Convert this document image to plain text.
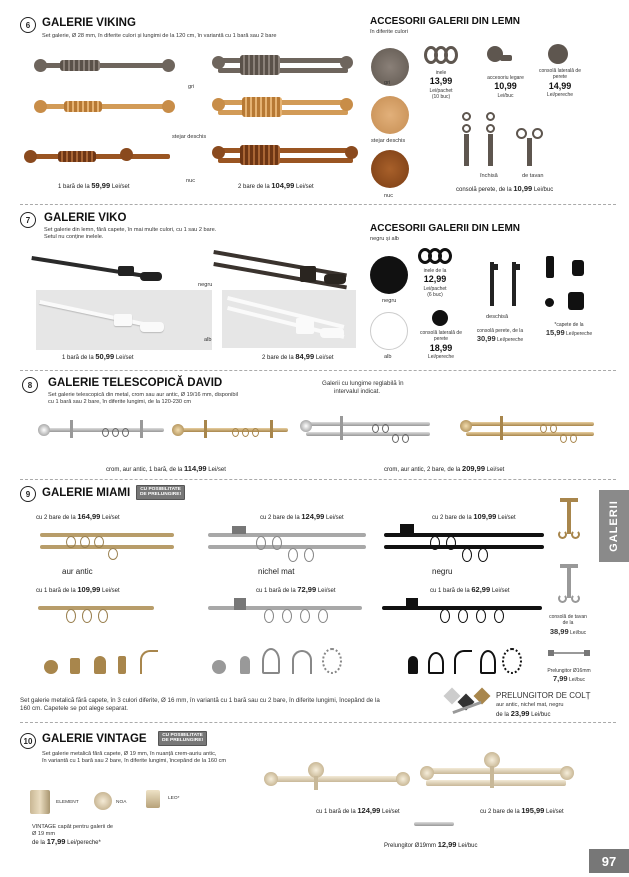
6	GALERIE VIKING
Set galerie, Ø 28 mm, în diferite culori și lungimi de la 120 cm, în variantă cu 1 bară sau 2 bare
gri
stejar deschis
nuc
1 bară de la 59,99 Lei/set	2 bare de la 104,99 Lei/set
ACCESORII GALERII DIN LEMN
în diferite culori
gri
stejar deschis
nuc
inele
13,99
Lei/pachet
(10 buc)
accesoriu legare
10,99
Lei/buc
consolă laterală de perete
14,99
Lei/pereche
închisă	de tavan
consolă perete, de la 10,99 Lei/buc
7	GALERIE VIKO
Set galerie din lemn, fără capete, în mai multe culori, cu 1 sau 2 bare.
Setul nu conține inelele.
negru
alb
1 bară de la 50,99 Lei/set	2 bare de la 84,99 Lei/set
ACCESORII GALERII DIN LEMN
negru și alb
negru
alb
inele de la
12,99
Lei/pachet
(6 buc)
deschisă
consolă laterală de perete
18,99
Lei/pereche
consolă perete, de la
30,99 Lei/pereche
*capete de la
15,99 Lei/pereche
8	GALERIE TELESCOPICĂ DAVID
Set galerie telescopică din metal, crom sau aur antic, Ø 19/16 mm, disponibil
cu 1 bară sau 2 bare, în diferite lungimi, de la 120-230 cm
Galerii cu lungime reglabilă în
intervalul indicat.
crom, aur antic, 1 bară, de la 114,99 Lei/set	crom, aur antic, 2 bare, de la 209,99 Lei/set
9	GALERIE MIAMI CU POSIBILITATE
DE PRELUNGIRE!
cu 2 bare de la 164,99 Lei/set	cu 2 bare de la 124,99 Lei/set	cu 2 bare de la 109,99 Lei/set
aur antic	nichel mat	negru
cu 1 bară de la 109,99 Lei/set	cu 1 bară de la 72,99 Lei/set	cu 1 bară de la 62,99 Lei/set
consolă de tavan
de la
38,99 Lei/buc
Prelungitor Ø16mm
7,99 Lei/buc
Set galerie metalică fără capete, în 3 culori diferite, Ø 16 mm, în variantă cu 1 bară sau cu 2 bare, în diferite lungimi, începând de la
160 cm. Capetele se pot alege separat.
PRELUNGITOR DE COLȚ
aur antic, nichel mat, negru
de la 23,99 Lei/buc
10 GALERIE VINTAGE	CU POSIBILITATE
DE PRELUNGIRE!
Set galerie metalică fără capete, Ø 19 mm, în nuanță crem-auriu antic,
în variantă cu 1 bară sau 2 bare, în diferite lungimi, începând de la 160 cm
ELEMENT	NOA
LEO*
VINTAGE capăt pentru galerii de
Ø 19 mm
de la 17,99 Lei/pereche*
cu 1 bară de la 124,99 Lei/set	cu 2 bare de la 195,99 Lei/set
Prelungitor Ø19mm 12,99 Lei/buc
GALERII
97
